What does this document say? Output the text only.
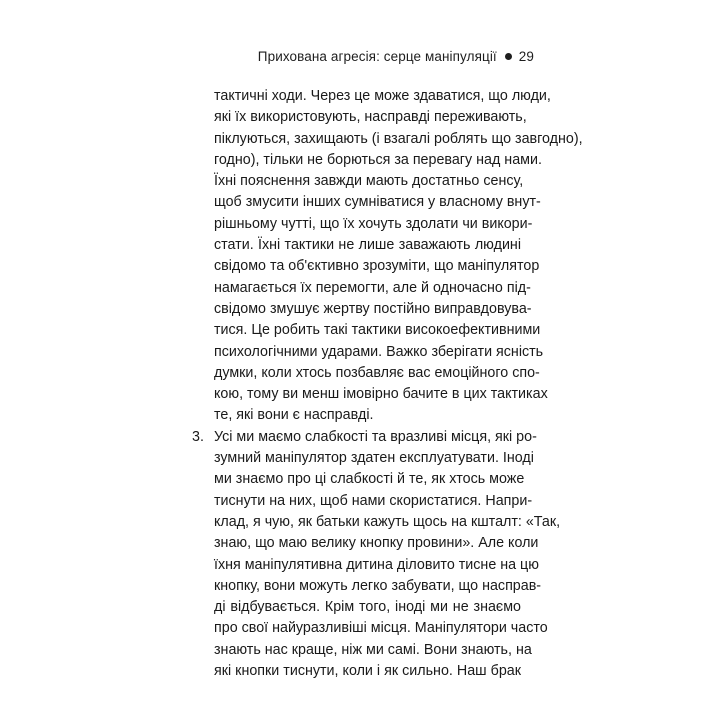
Прихована агресія: серце маніпуляції 29
тактичні ходи. Через це може здаватися, що люди,
які їх використовують, насправді переживають,
піклуються, захищають (і взагалі роблять що завгодно),
годно), тільки не борються за перевагу над нами.
Їхні пояснення завжди мають достатньо сенсу,
щоб змусити інших сумніватися у власному внут-
рішньому чутті, що їх хочуть здолати чи викори-
стати. Їхні тактики не лише заважають людині
свідомо та об'єктивно зрозуміти, що маніпулятор
намагається їх перемогти, але й одночасно під-
свідомо змушує жертву постійно виправдовува-
тися. Це робить такі тактики високоефективними
психологічними ударами. Важко зберігати ясність
думки, коли хтось позбавляє вас емоційного спо-
кою, тому ви менш імовірно бачите в цих тактиках
те, які вони є насправді.
3. Усі ми маємо слабкості та вразливі місця, які ро-
зумний маніпулятор здатен експлуатувати. Іноді
ми знаємо про ці слабкості й те, як хтось може
тиснути на них, щоб нами скористатися. Напри-
клад, я чую, як батьки кажуть щось на кшталт: «Так,
знаю, що маю велику кнопку провини». Але коли
їхня маніпулятивна дитина діловито тисне на цю
кнопку, вони можуть легко забувати, що насправ-
ді відбувається. Крім того, іноді ми не знаємо
про свої найуразливіші місця. Маніпулятори часто
знають нас краще, ніж ми самі. Вони знають, на
які кнопки тиснути, коли і як сильно. Наш брак
